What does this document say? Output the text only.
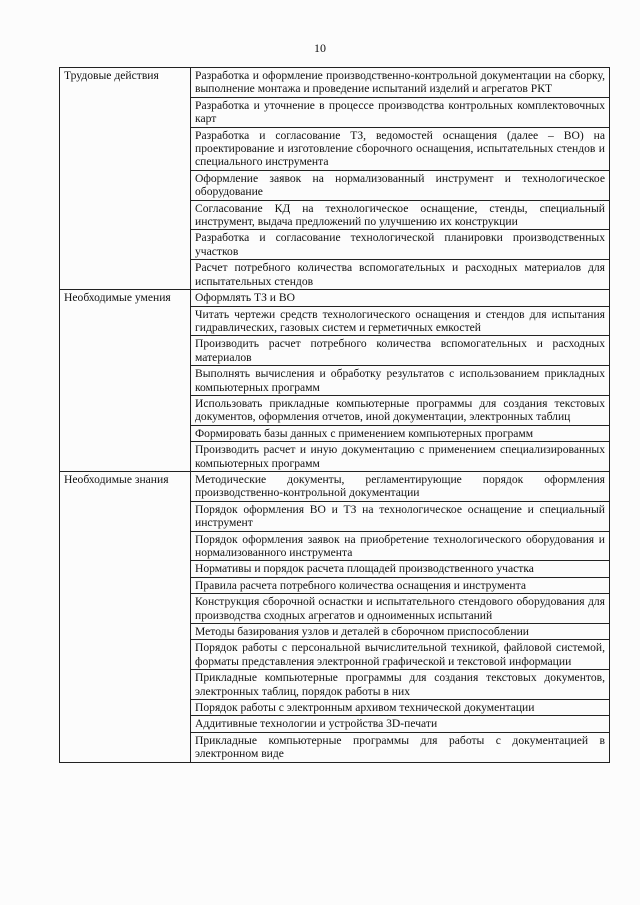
10
Трудовые действия	Разработка и оформление производственно-контрольной документации на сборку, выполнение монтажа и проведение испытаний изделий и агрегатов РКТ
	Разработка и уточнение в процессе производства контрольных комплектовочных карт
	Разработка и согласование ТЗ, ведомостей оснащения (далее – ВО) на проектирование и изготовление сборочного оснащения, испытательных стендов и специального инструмента
	Оформление заявок на нормализованный инструмент и технологическое оборудование
	Согласование КД на технологическое оснащение, стенды, специальный инструмент, выдача предложений по улучшению их конструкции
	Разработка и согласование технологической планировки производственных участков
	Расчет потребного количества вспомогательных и расходных материалов для испытательных стендов
Необходимые умения	Оформлять ТЗ и ВО
	Читать чертежи средств технологического оснащения и стендов для испытания гидравлических, газовых систем и герметичных емкостей
	Производить расчет потребного количества вспомогательных и расходных материалов
	Выполнять вычисления и обработку результатов с использованием прикладных компьютерных программ
	Использовать прикладные компьютерные программы для создания текстовых документов, оформления отчетов, иной документации, электронных таблиц
	Формировать базы данных с применением компьютерных программ
	Производить расчет и иную документацию с применением специализированных компьютерных программ
Необходимые знания	Методические документы, регламентирующие порядок оформления производственно-контрольной документации
	Порядок оформления ВО и ТЗ на технологическое оснащение и специальный инструмент
	Порядок оформления заявок на приобретение технологического оборудования и нормализованного инструмента
	Нормативы и порядок расчета площадей производственного участка
	Правила расчета потребного количества оснащения и инструмента
	Конструкция сборочной оснастки и испытательного стендового оборудования для производства сходных агрегатов и одноименных испытаний
	Методы базирования узлов и деталей в сборочном приспособлении
	Порядок работы с персональной вычислительной техникой, файловой системой, форматы представления электронной графической и текстовой информации
	Прикладные компьютерные программы для создания текстовых документов, электронных таблиц, порядок работы в них
	Порядок работы с электронным архивом технической документации
	Аддитивные технологии и устройства 3D-печати
	Прикладные компьютерные программы для работы с документацией в электронном виде
